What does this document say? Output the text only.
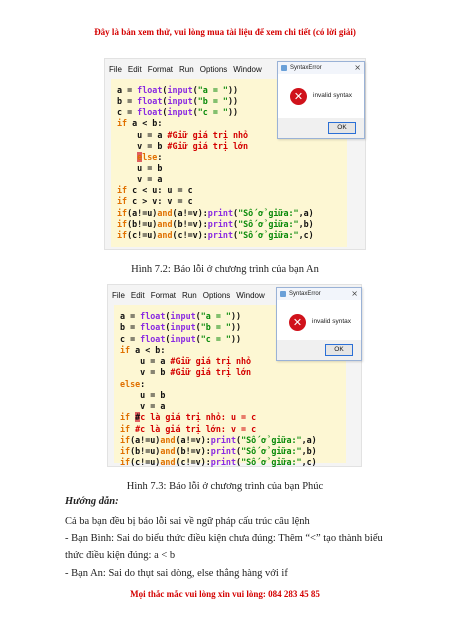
Đây là bản xem thử, vui lòng mua tài liệu để xem chi tiết (có lời giải)
File Edit Format Run Options Window
a = float(input("a = "))
b = float(input("b = "))
c = float(input("c = "))
if a < b:
u = a #Giữ giá trị nhỏ
v = b #Giữ giá trị lớn
else:
u = b
v = a
if c < u: u = c
if c > v: v = c
if(a!=u)and(a!=v):print("Số ở giữa:",a)
if(b!=u)and(b!=v):print("Số ở giữa:",b)
if(c!=u)and(c!=v):print("Số ở giữa:",c)
SyntaxError	×
✕	invalid syntax
OK
Hình 7.2: Báo lỗi ở chương trình của bạn An
File Edit Format Run Options Window
a = float(input("a = "))
b = float(input("b = "))
c = float(input("c = "))
if a < b:
u = a #Giữ giá trị nhỏ
v = b #Giữ giá trị lớn
else:
u = b
v = a
if #c là giá trị nhỏ: u = c
if #c là giá trị lớn: v = c
if(a!=u)and(a!=v):print("Số ở giữa:",a)
if(b!=u)and(b!=v):print("Số ở giữa:",b)
if(c!=u)and(c!=v):print("Số ở giữa:",c)
SyntaxError	×
✕	invalid syntax
OK
Hình 7.3: Báo lỗi ở chương trình của bạn Phúc
Hướng dẫn:
Cả ba bạn đều bị báo lỗi sai về ngữ pháp cấu trúc câu lệnh
- Bạn Bình: Sai do biểu thức điều kiện chưa đúng: Thêm “<” tạo thành biểu
thức điều kiện đúng: a < b
- Bạn An: Sai do thụt sai dòng, else thẳng hàng với if
Mọi thắc mắc vui lòng xin vui lòng: 084 283 45 85
